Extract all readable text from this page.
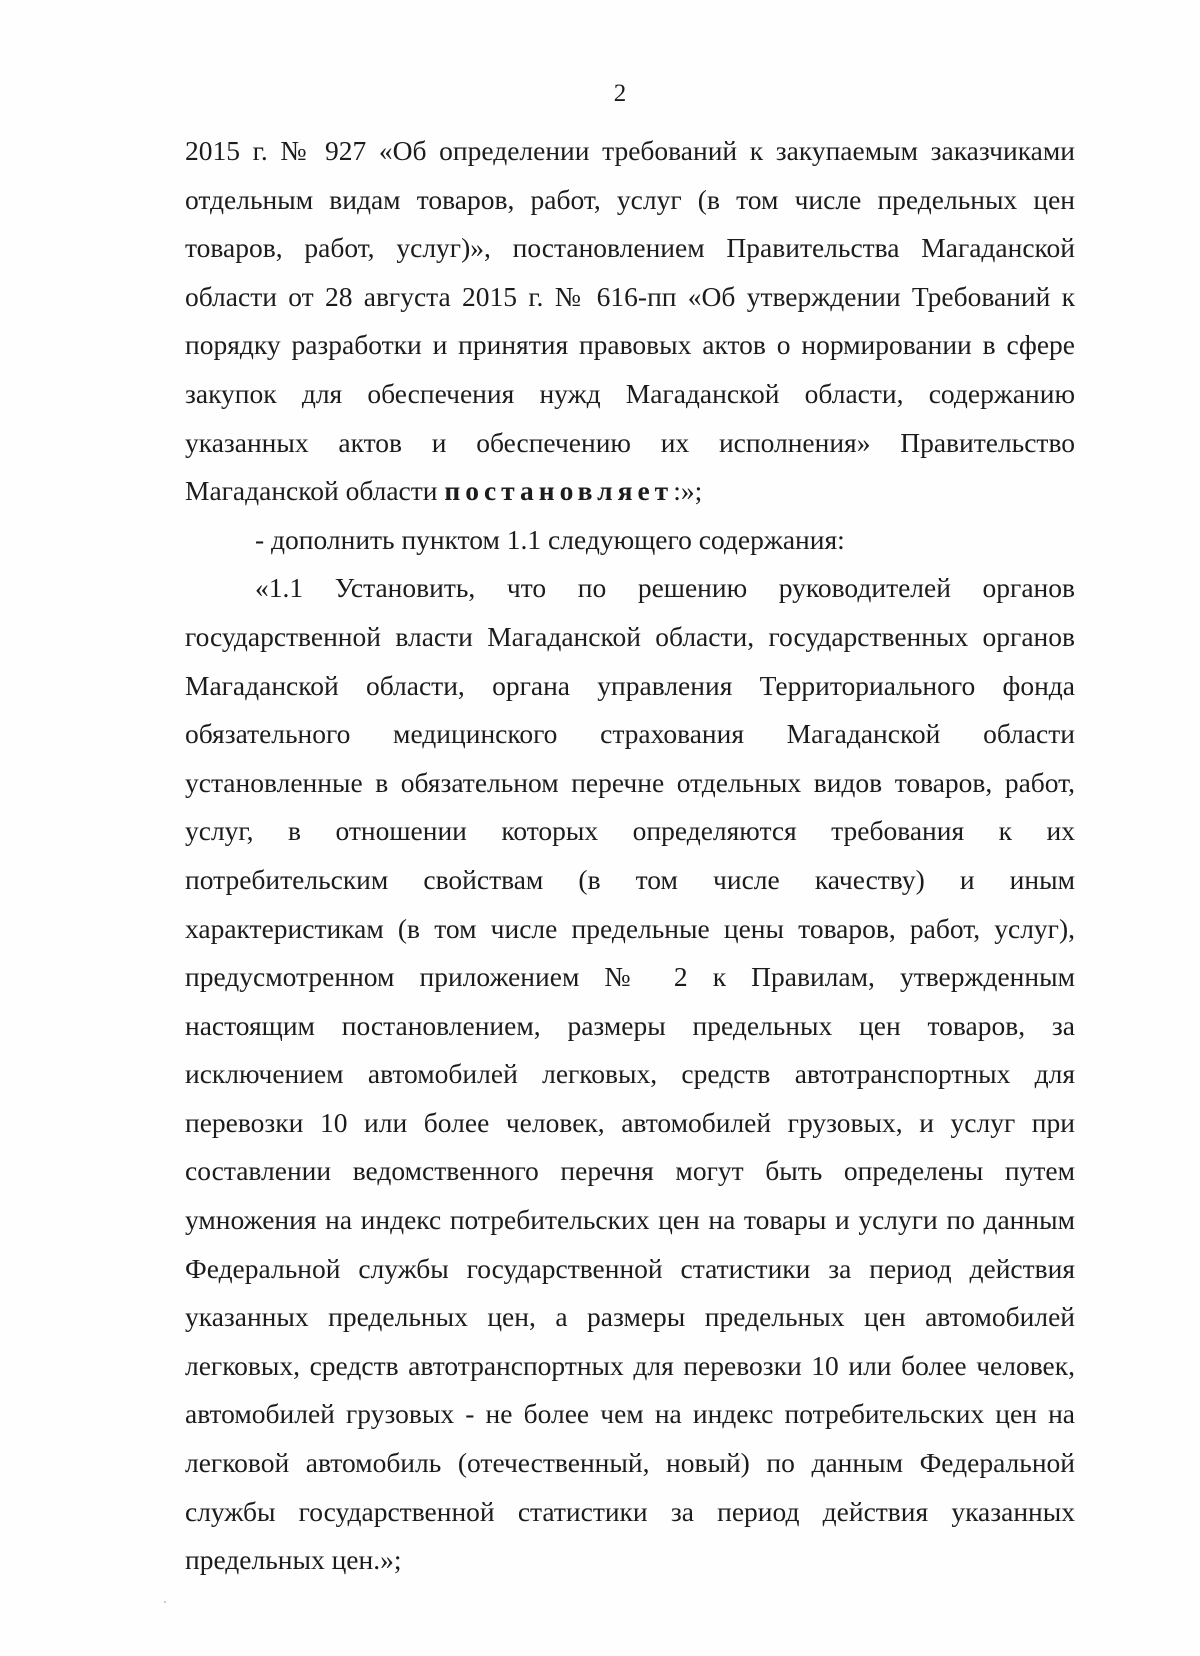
2

2015 г. № 927 «Об определении требований к закупаемым заказчиками отдельным видам товаров, работ, услуг (в том числе предельных цен товаров, работ, услуг)», постановлением Правительства Магаданской области от 28 августа 2015 г. № 616-пп «Об утверждении Требований к порядку разработки и принятия правовых актов о нормировании в сфере закупок для обеспечения нужд Магаданской области, содержанию указанных актов и обеспечению их исполнения» Правительство Магаданской области постановляет:»;

- дополнить пунктом 1.1 следующего содержания:

«1.1 Установить, что по решению руководителей органов государственной власти Магаданской области, государственных органов Магаданской области, органа управления Территориального фонда обязательного медицинского страхования Магаданской области установленные в обязательном перечне отдельных видов товаров, работ, услуг, в отношении которых определяются требования к их потребительским свойствам (в том числе качеству) и иным характеристикам (в том числе предельные цены товаров, работ, услуг), предусмотренном приложением № 2 к Правилам, утвержденным настоящим постановлением, размеры предельных цен товаров, за исключением автомобилей легковых, средств автотранспортных для перевозки 10 или более человек, автомобилей грузовых, и услуг при составлении ведомственного перечня могут быть определены путем умножения на индекс потребительских цен на товары и услуги по данным Федеральной службы государственной статистики за период действия указанных предельных цен, а размеры предельных цен автомобилей легковых, средств автотранспортных для перевозки 10 или более человек, автомобилей грузовых - не более чем на индекс потребительских цен на легковой автомобиль (отечественный, новый) по данным Федеральной службы государственной статистики за период действия указанных предельных цен.»;
